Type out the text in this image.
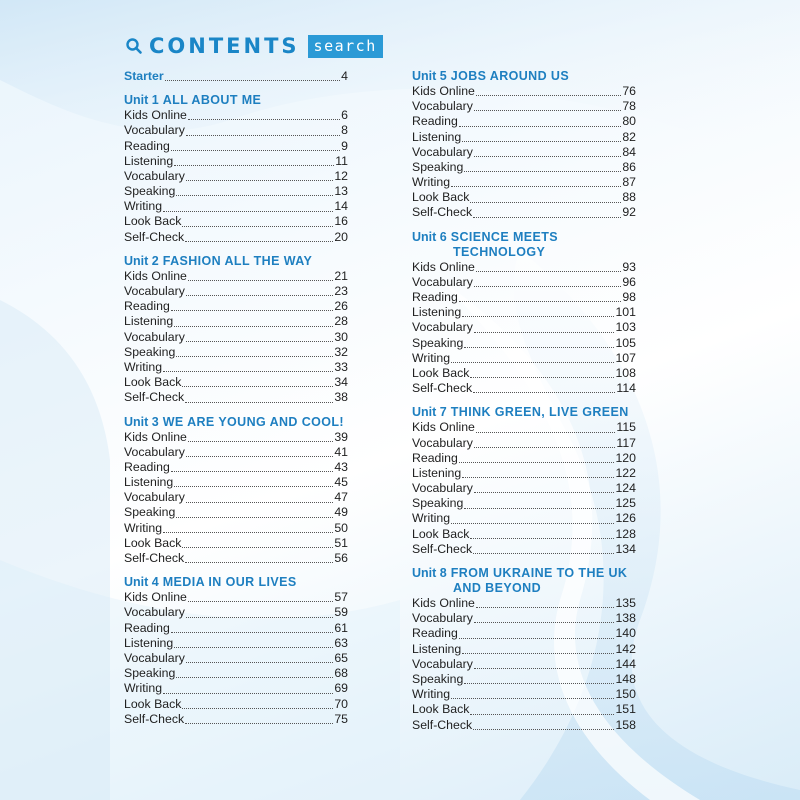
CONTENTS search
Starter	4
Unit 1 ALL ABOUT ME
Kids Online	6
Vocabulary	8
Reading	9
Listening	11
Vocabulary	12
Speaking	13
Writing	14
Look Back	16
Self-Check	20
Unit 2 FASHION ALL THE WAY
Kids Online	21
Vocabulary	23
Reading	26
Listening	28
Vocabulary	30
Speaking	32
Writing	33
Look Back	34
Self-Check	38
Unit 3 WE ARE YOUNG AND COOL!
Kids Online	39
Vocabulary	41
Reading	43
Listening	45
Vocabulary	47
Speaking	49
Writing	50
Look Back	51
Self-Check	56
Unit 4 MEDIA IN OUR LIVES
Kids Online	57
Vocabulary	59
Reading	61
Listening	63
Vocabulary	65
Speaking	68
Writing	69
Look Back	70
Self-Check	75
Unit 5 JOBS AROUND US
Kids Online	76
Vocabulary	78
Reading	80
Listening	82
Vocabulary	84
Speaking	86
Writing	87
Look Back	88
Self-Check	92
Unit 6 SCIENCE MEETS
TECHNOLOGY
Kids Online	93
Vocabulary	96
Reading	98
Listening	101
Vocabulary	103
Speaking	105
Writing	107
Look Back	108
Self-Check	114
Unit 7 THINK GREEN, LIVE GREEN
Kids Online	115
Vocabulary	117
Reading	120
Listening	122
Vocabulary	124
Speaking	125
Writing	126
Look Back	128
Self-Check	134
Unit 8 FROM UKRAINE TO THE UK
AND BEYOND
Kids Online	135
Vocabulary	138
Reading	140
Listening	142
Vocabulary	144
Speaking	148
Writing	150
Look Back	151
Self-Check	158
